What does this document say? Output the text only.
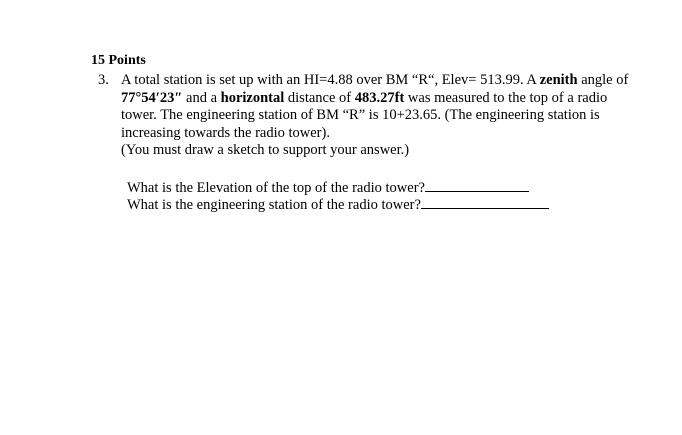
15 Points
3. A total station is set up with an HI=4.88 over BM “R“, Elev= 513.99. A zenith angle of 77°54′23″ and a horizontal distance of 483.27ft was measured to the top of a radio tower. The engineering station of BM “R” is 10+23.65. (The engineering station is increasing towards the radio tower).
(You must draw a sketch to support your answer.)
What is the Elevation of the top of the radio tower?
What is the engineering station of the radio tower?
